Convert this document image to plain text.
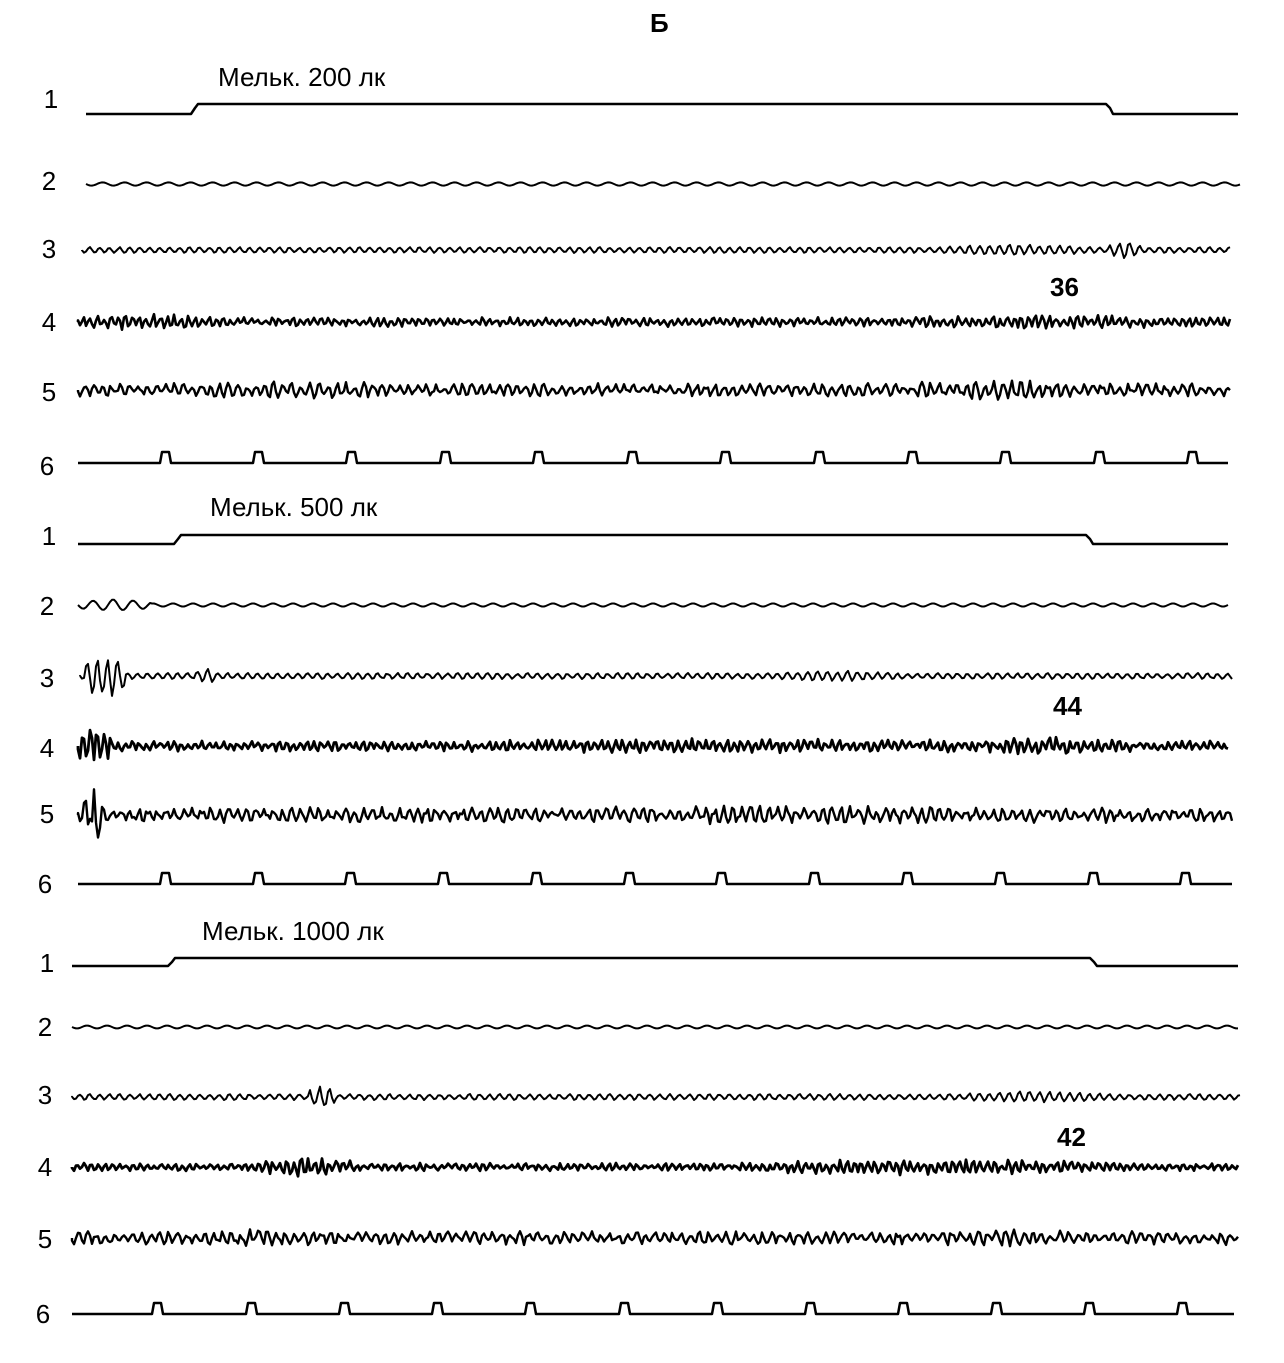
Б
Мельк. 200 лк
36
1
2
3
4
5
6
Мельк. 500 лк
44
1
2
3
4
5
6
Мельк. 1000 лк
42
1
2
3
4
5
6
